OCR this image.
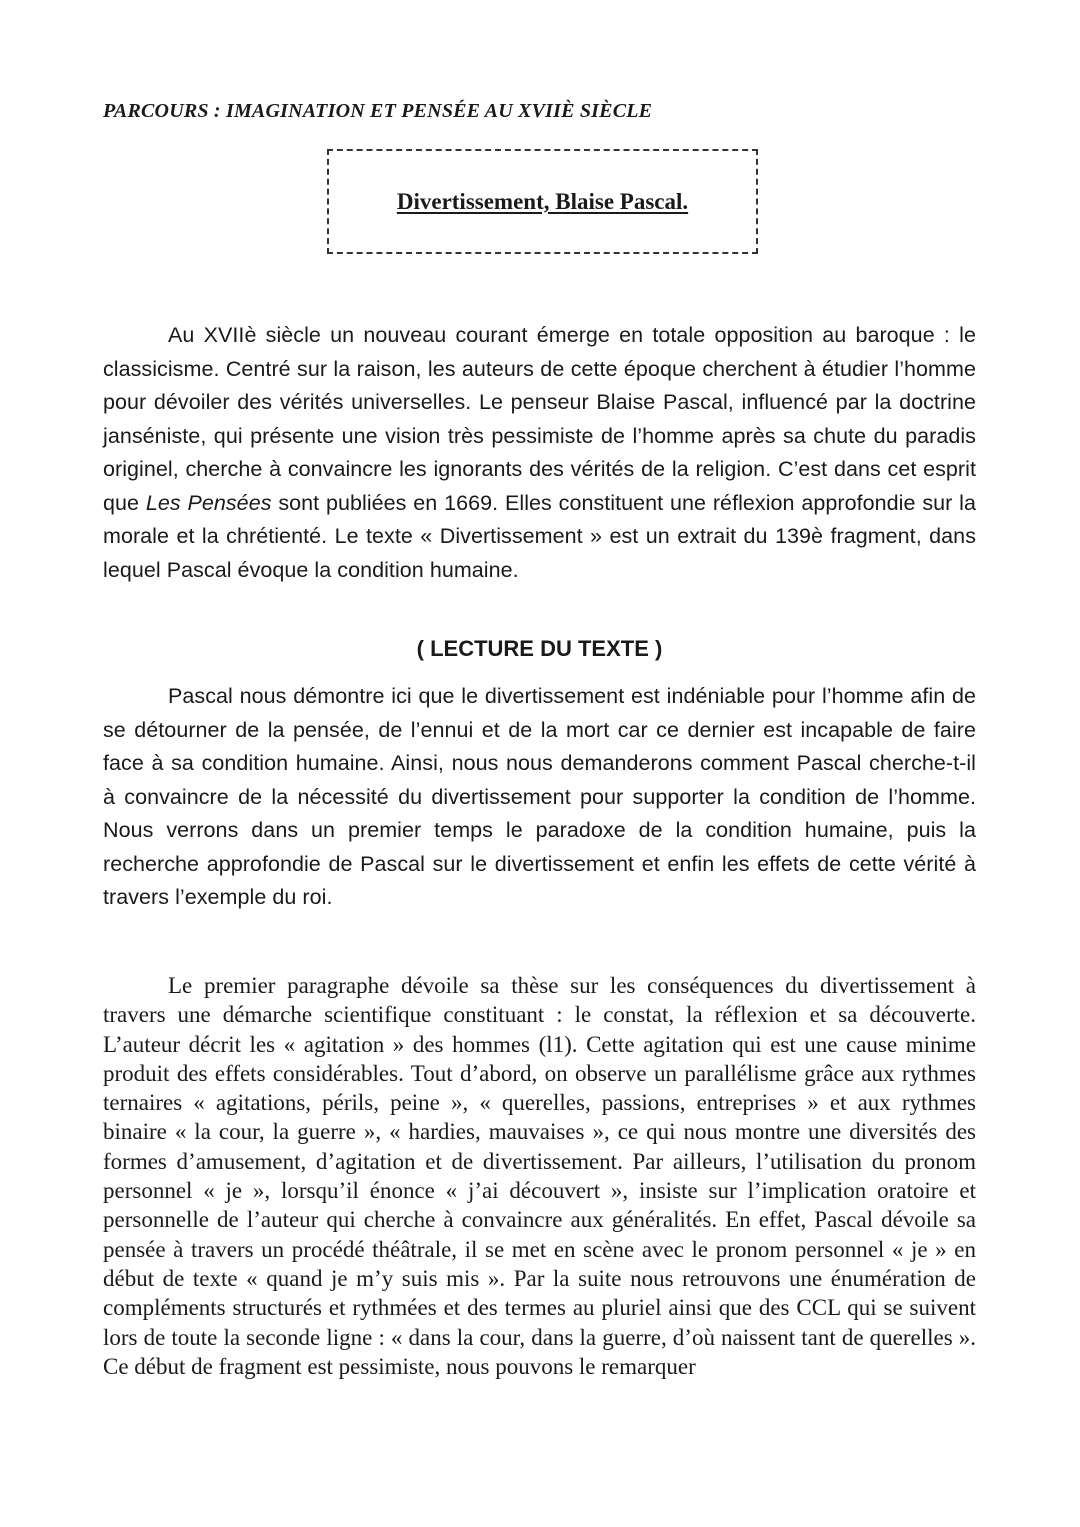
PARCOURS : IMAGINATION ET PENSÉE AU XVIIÈ SIÈCLE
Divertissement, Blaise Pascal.

Au XVIIè siècle un nouveau courant émerge en totale opposition au baroque : le classicisme. Centré sur la raison, les auteurs de cette époque cherchent à étudier l’homme pour dévoiler des vérités universelles. Le penseur Blaise Pascal, influencé par la doctrine janséniste, qui présente une vision très pessimiste de l’homme après sa chute du paradis originel, cherche à convaincre les ignorants des vérités de la religion. C’est dans cet esprit que Les Pensées sont publiées en 1669. Elles constituent une réflexion approfondie sur la morale et la chrétienté. Le texte « Divertissement » est un extrait du 139è fragment, dans lequel Pascal évoque la condition humaine.

( LECTURE DU TEXTE )

Pascal nous démontre ici que le divertissement est indéniable pour l’homme afin de se détourner de la pensée, de l’ennui et de la mort car ce dernier est incapable de faire face à sa condition humaine. Ainsi, nous nous demanderons comment Pascal cherche-t-il à convaincre de la nécessité du divertissement pour supporter la condition de l’homme. Nous verrons dans un premier temps le paradoxe de la condition humaine, puis la recherche approfondie de Pascal sur le divertissement et enfin les effets de cette vérité à travers l’exemple du roi.

Le premier paragraphe dévoile sa thèse sur les conséquences du divertissement à travers une démarche scientifique constituant : le constat, la réflexion et sa découverte. L’auteur décrit les « agitation » des hommes (l1). Cette agitation qui est une cause minime produit des effets considérables. Tout d’abord, on observe un parallélisme grâce aux rythmes ternaires « agitations, périls, peine », « querelles, passions, entreprises » et aux rythmes binaire « la cour, la guerre », « hardies, mauvaises », ce qui nous montre une diversités des formes d’amusement, d’agitation et de divertissement. Par ailleurs, l’utilisation du pronom personnel « je », lorsqu’il énonce « j’ai découvert », insiste sur l’implication oratoire et personnelle de l’auteur qui cherche à convaincre aux généralités. En effet, Pascal dévoile sa pensée à travers un procédé théâtrale, il se met en scène avec le pronom personnel « je » en début de texte « quand je m’y suis mis ». Par la suite nous retrouvons une énumération de compléments structurés et rythmées et des termes au pluriel ainsi que des CCL qui se suivent lors de toute la seconde ligne : « dans la cour, dans la guerre, d’où naissent tant de querelles ». Ce début de fragment est pessimiste, nous pouvons le remarquer
